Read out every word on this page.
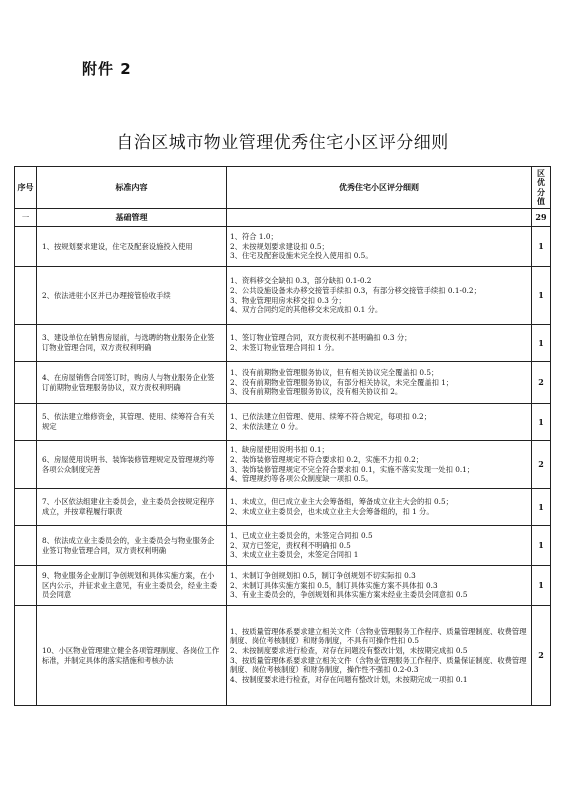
附件 2
自治区城市物业管理优秀住宅小区评分细则
序号	标准内容	优秀住宅小区评分细则	区优分值
一	基础管理		29
	1、按规划要求建设，住宅及配套设施投入使用	1、符合 1.0；
2、未按规划要求建设扣 0.5；
3、住宅及配套设施未完全投入使用扣 0.5。	1
	2、依法进驻小区并已办理接管验收手续	1、资料移交全缺扣 0.3，部分缺扣 0.1-0.2
2、公共设施设备未办移交接管手续扣 0.3，有部分移交接管手续扣 0.1-0.2；
3、物业管理用房未移交扣 0.3 分；
4、双方合同约定的其他移交未完成扣 0.1 分。	1
	3、建设单位在销售房屋前，与选聘的物业服务企业签订物业管理合同，双方责权利明确	1、签订物业管理合同，双方责权利不甚明确扣 0.3 分；
2、未签订物业管理合同扣 1 分。	1
	4、在房屋销售合同签订时，购房人与物业服务企业签订前期物业管理服务协议，双方责权利明确	1、没有前期物业管理服务协议，但有相关协议完全覆盖扣 0.5；
2、没有前期物业管理服务协议，有部分相关协议，未完全覆盖扣 1；
3、没有前期物业管理服务协议，没有相关协议扣 2。	2
	5、依法建立维修资金，其管理、使用、续筹符合有关规定	1、已依法建立但管理、使用、续筹不符合规定，每项扣 0.2；
2、未依法建立 0 分。	1
	6、房屋使用说明书、装饰装修管理规定及管理规约等各项公众制度完善	1、缺房屋使用说明书扣 0.1；
2、装饰装修管理规定不符合要求扣 0.2，实施不力扣 0.2；
3、装饰装修管理规定不完全符合要求扣 0.1，实施不落实发现一处扣 0.1；
4、管理规约等各项公众制度缺一项扣 0.5。	2
	7、小区依法组建业主委员会，业主委员会按规定程序成立，并按章程履行职责	1、未成立，但已成立业主大会筹备组，筹备成立业主大会的扣 0.5；
2、未成立业主委员会，也未成立业主大会筹备组的，扣 1 分。	1
	8、依法成立业主委员会的，业主委员会与物业服务企业签订物业管理合同，双方责权利明确	1、已成立业主委员会的，未签定合同扣 0.5
2、双方已签定，责权利不明确扣 0.5
3、未成立业主委员会，未签定合同扣 1	1
	9、物业服务企业制订争创规划和具体实施方案，在小区内公示，并征求业主意见，有业主委员会，经业主委员会同意	1、未制订争创规划扣 0.5，制订争创规划不切实际扣 0.3
2、未制订具体实施方案扣 0.5，制订具体实施方案不具体扣 0.3
3、有业主委员会的，争创规划和具体实施方案未经业主委员会同意扣 0.5	1
	10、小区物业管理建立健全各项管理制度、各岗位工作标准，并制定具体的落实措施和考核办法	1、按质量管理体系要求建立相关文件（含物业管理服务工作程序、质量管理制度、收费管理制度、岗位考核制度）和财务制度，不具有可操作性扣 0.5
2、未按制度要求进行检查，对存在问题没有整改计划，未按期完成扣 0.5
3、按质量管理体系要求建立相关文件（含物业管理服务工作程序、质量保证制度、收费管理制度、岗位考核制度）和财务制度，操作性不强扣 0.2-0.3
4、按制度要求进行检查，对存在问题有整改计划，未按期完成一项扣 0.1	2
